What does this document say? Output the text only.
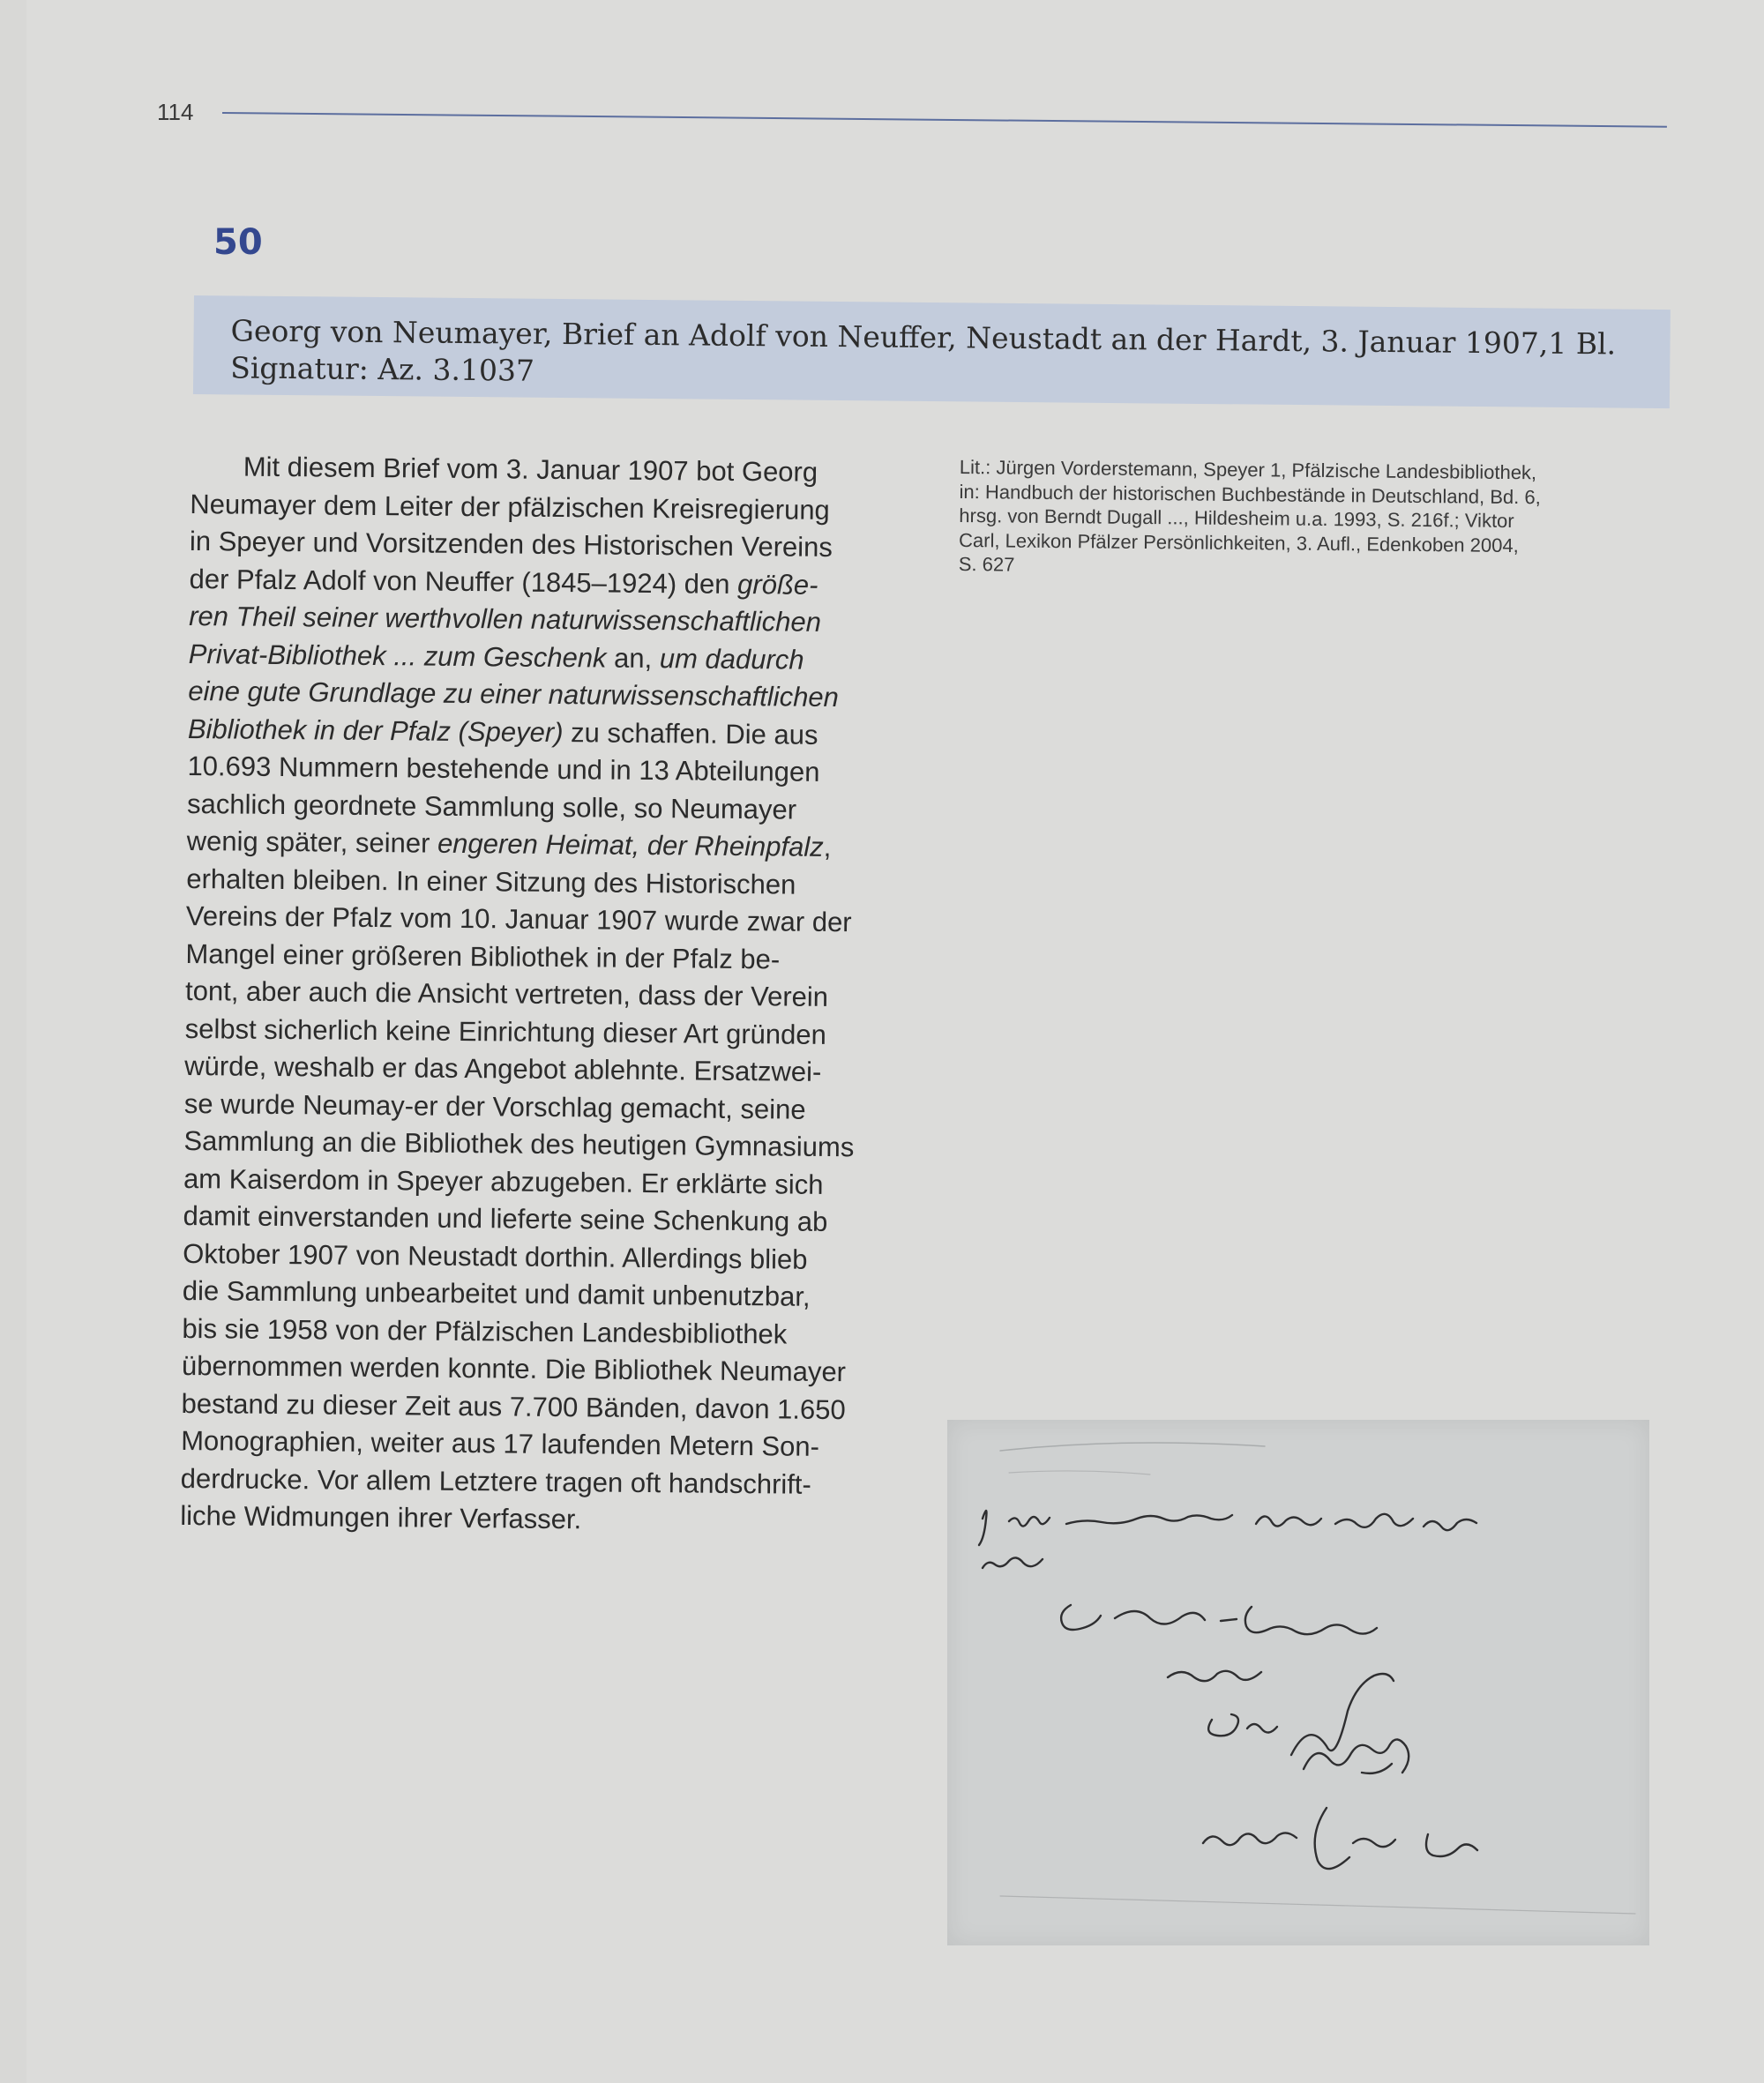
114
50
Georg von Neumayer, Brief an Adolf von Neuffer, Neustadt an der Hardt, 3. Januar 1907,1 Bl.
Signatur: Az. 3.1037
Mit diesem Brief vom 3. Januar 1907 bot Georg
Neumayer dem Leiter der pfälzischen Kreisregierung
in Speyer und Vorsitzenden des Historischen Vereins
der Pfalz Adolf von Neuffer (1845–1924) den größe-
ren Theil seiner werthvollen naturwissenschaftlichen
Privat-Bibliothek ... zum Geschenk an, um dadurch
eine gute Grundlage zu einer naturwissenschaftlichen
Bibliothek in der Pfalz (Speyer) zu schaffen. Die aus
10.693 Nummern bestehende und in 13 Abteilungen
sachlich geordnete Sammlung solle, so Neumayer
wenig später, seiner engeren Heimat, der Rheinpfalz,
erhalten bleiben. In einer Sitzung des Historischen
Vereins der Pfalz vom 10. Januar 1907 wurde zwar der
Mangel einer größeren Bibliothek in der Pfalz be-
tont, aber auch die Ansicht vertreten, dass der Verein
selbst sicherlich keine Einrichtung dieser Art gründen
würde, weshalb er das Angebot ablehnte. Ersatzwei-
se wurde Neumay-er der Vorschlag gemacht, seine
Sammlung an die Bibliothek des heutigen Gymnasiums
am Kaiserdom in Speyer abzugeben. Er erklärte sich
damit einverstanden und lieferte seine Schenkung ab
Oktober 1907 von Neustadt dorthin. Allerdings blieb
die Sammlung unbearbeitet und damit unbenutzbar,
bis sie 1958 von der Pfälzischen Landesbibliothek
übernommen werden konnte. Die Bibliothek Neumayer
bestand zu dieser Zeit aus 7.700 Bänden, davon 1.650
Monographien, weiter aus 17 laufenden Metern Son-
derdrucke. Vor allem Letztere tragen oft handschrift-
liche Widmungen ihrer Verfasser.
Lit.: Jürgen Vorderstemann, Speyer 1, Pfälzische Landesbibliothek,
in: Handbuch der historischen Buchbestände in Deutschland, Bd. 6,
hrsg. von Berndt Dugall ..., Hildesheim u.a. 1993, S. 216f.; Viktor
Carl, Lexikon Pfälzer Persönlichkeiten, 3. Aufl., Edenkoben 2004,
S. 627
